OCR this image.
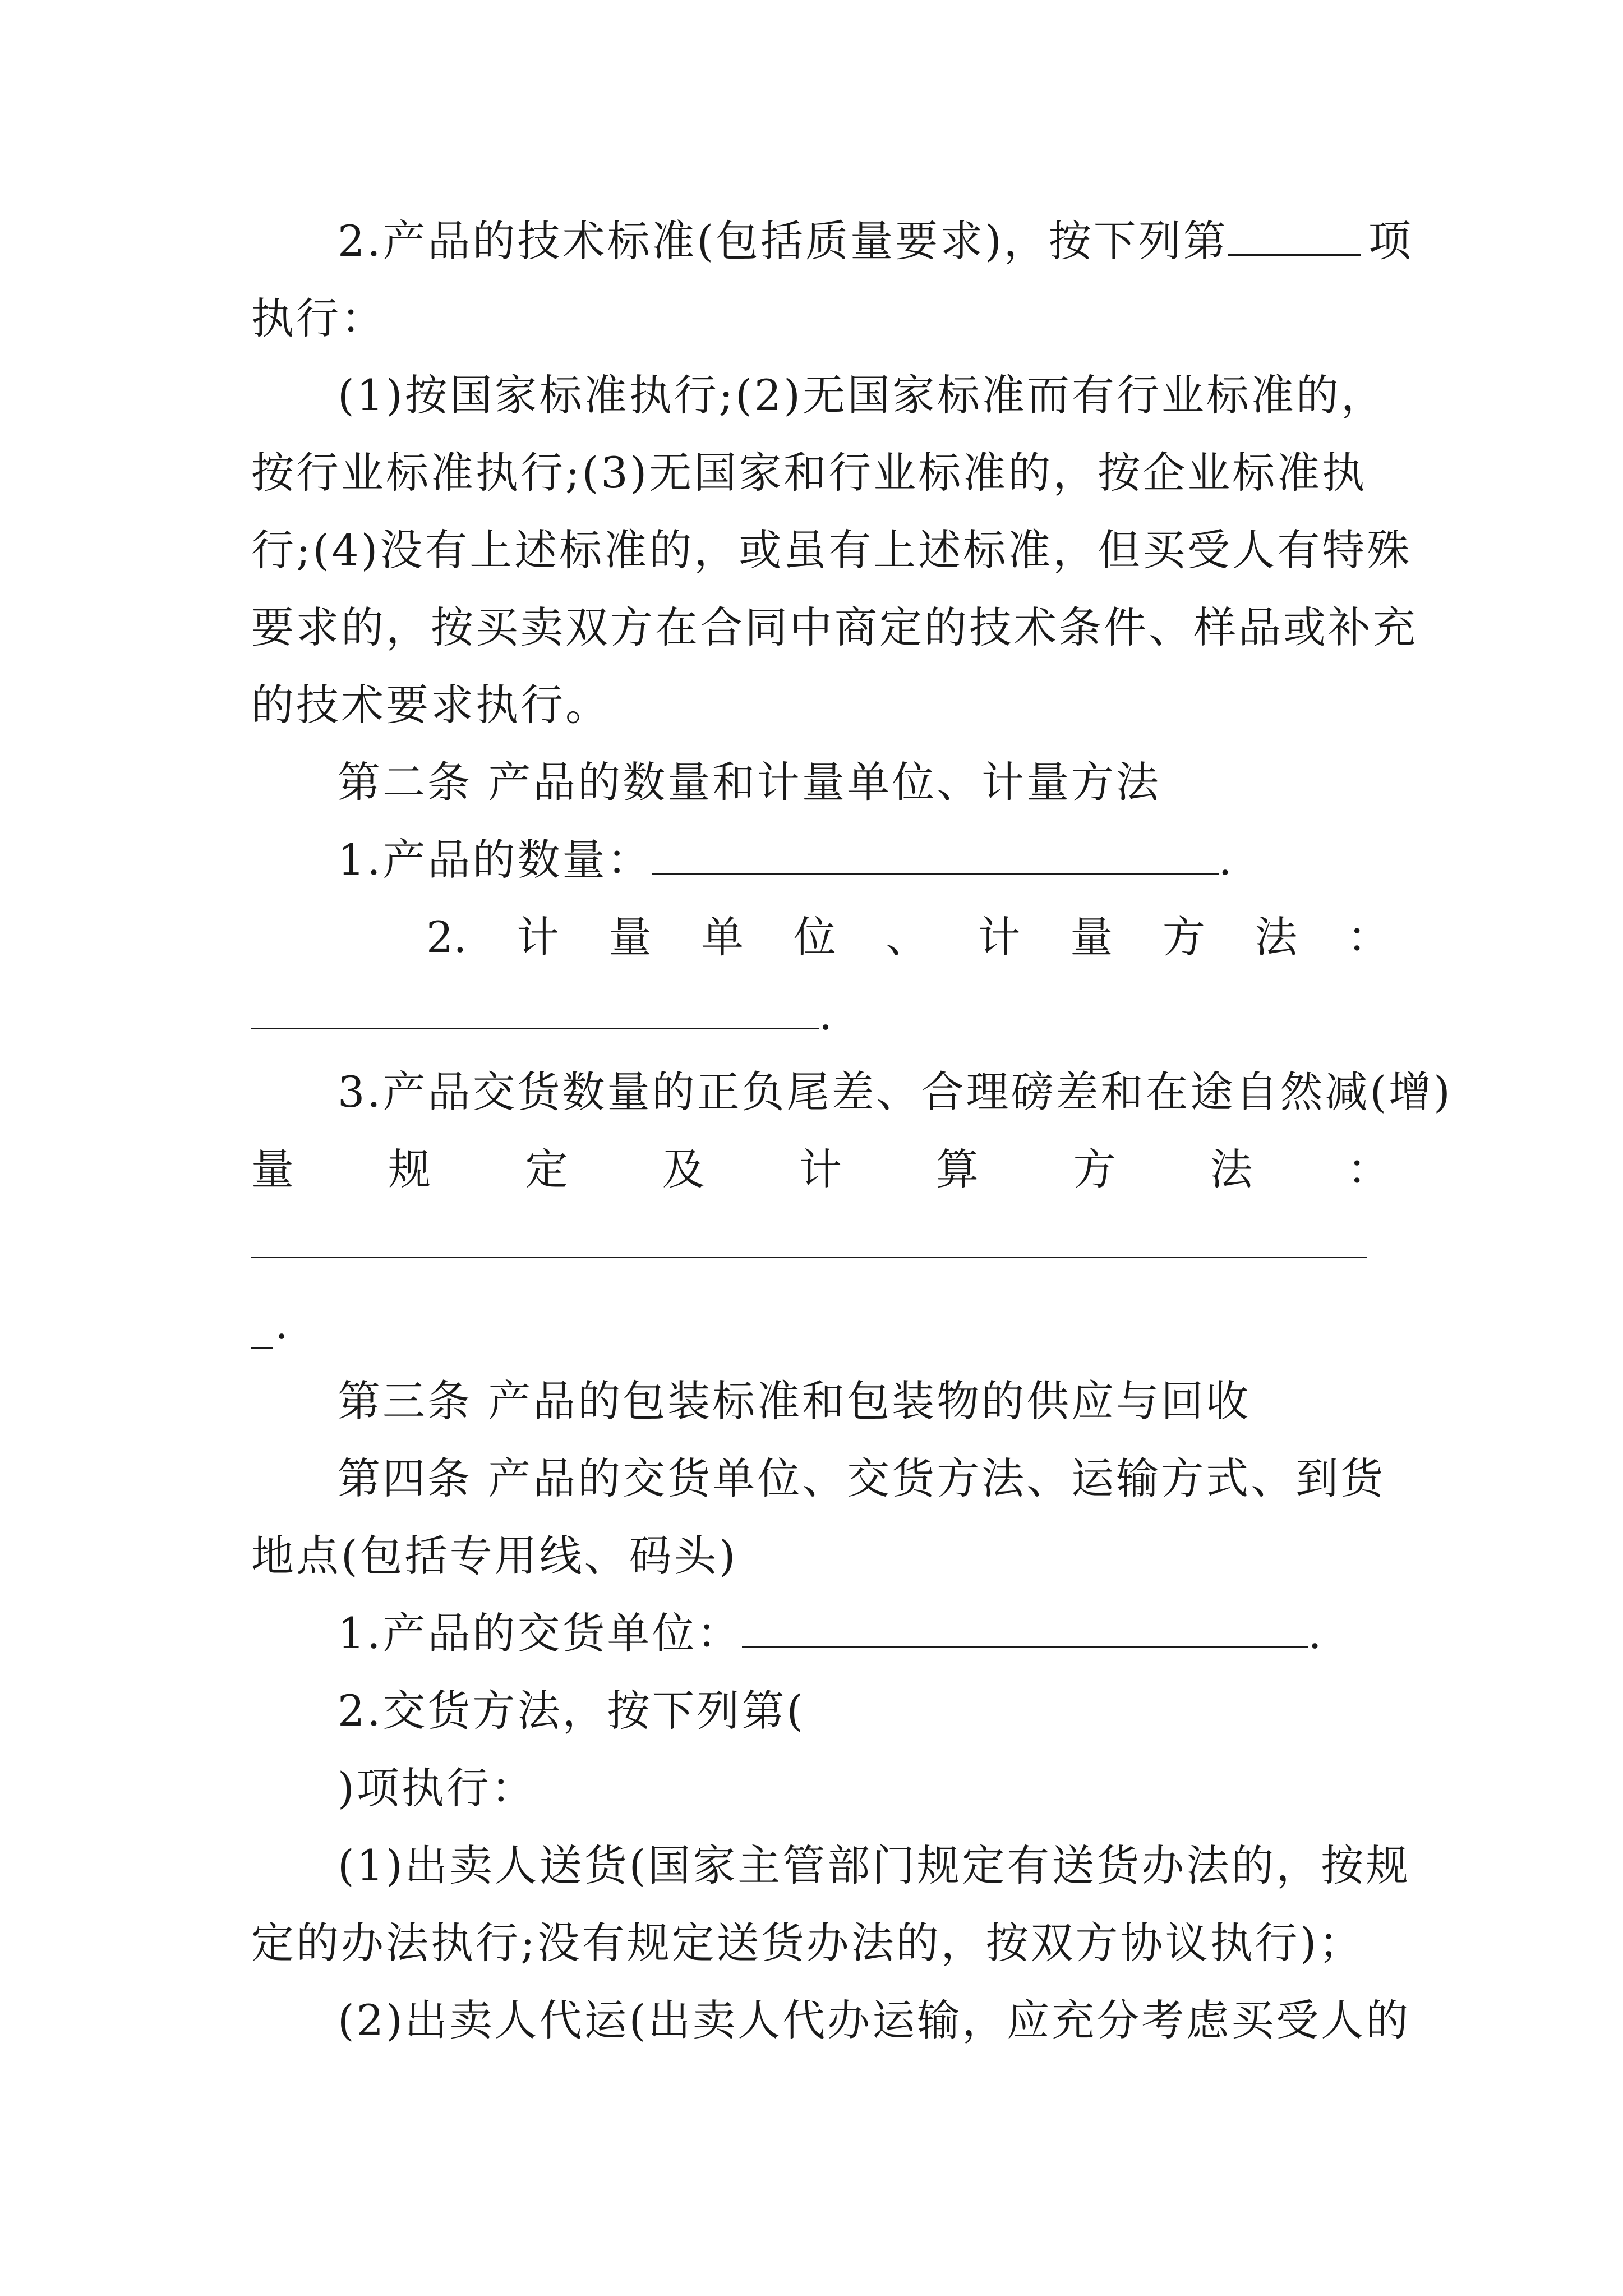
2.产品的技术标准(包括质量要求)，按下列第	项
执行：
(1)按国家标准执行;(2)无国家标准而有行业标准的，
按行业标准执行;(3)无国家和行业标准的，按企业标准执
行;(4)没有上述标准的，或虽有上述标准，但买受人有特殊
要求的，按买卖双方在合同中商定的技术条件、样品或补充
的技术要求执行。
第二条 产品的数量和计量单位、计量方法
1.产品的数量：	.
2. 计 量 单 位 、 计 量 方 法 ：
.
3.产品交货数量的正负尾差、合理磅差和在途自然减(增)
量 规 定 及 计 算 方 法 ：
_.
第三条 产品的包装标准和包装物的供应与回收
第四条 产品的交货单位、交货方法、运输方式、到货
地点(包括专用线、码头)
1.产品的交货单位：	.
2.交货方法，按下列第(
)项执行：
(1)出卖人送货(国家主管部门规定有送货办法的，按规
定的办法执行;没有规定送货办法的，按双方协议执行)；
(2)出卖人代运(出卖人代办运输，应充分考虑买受人的
